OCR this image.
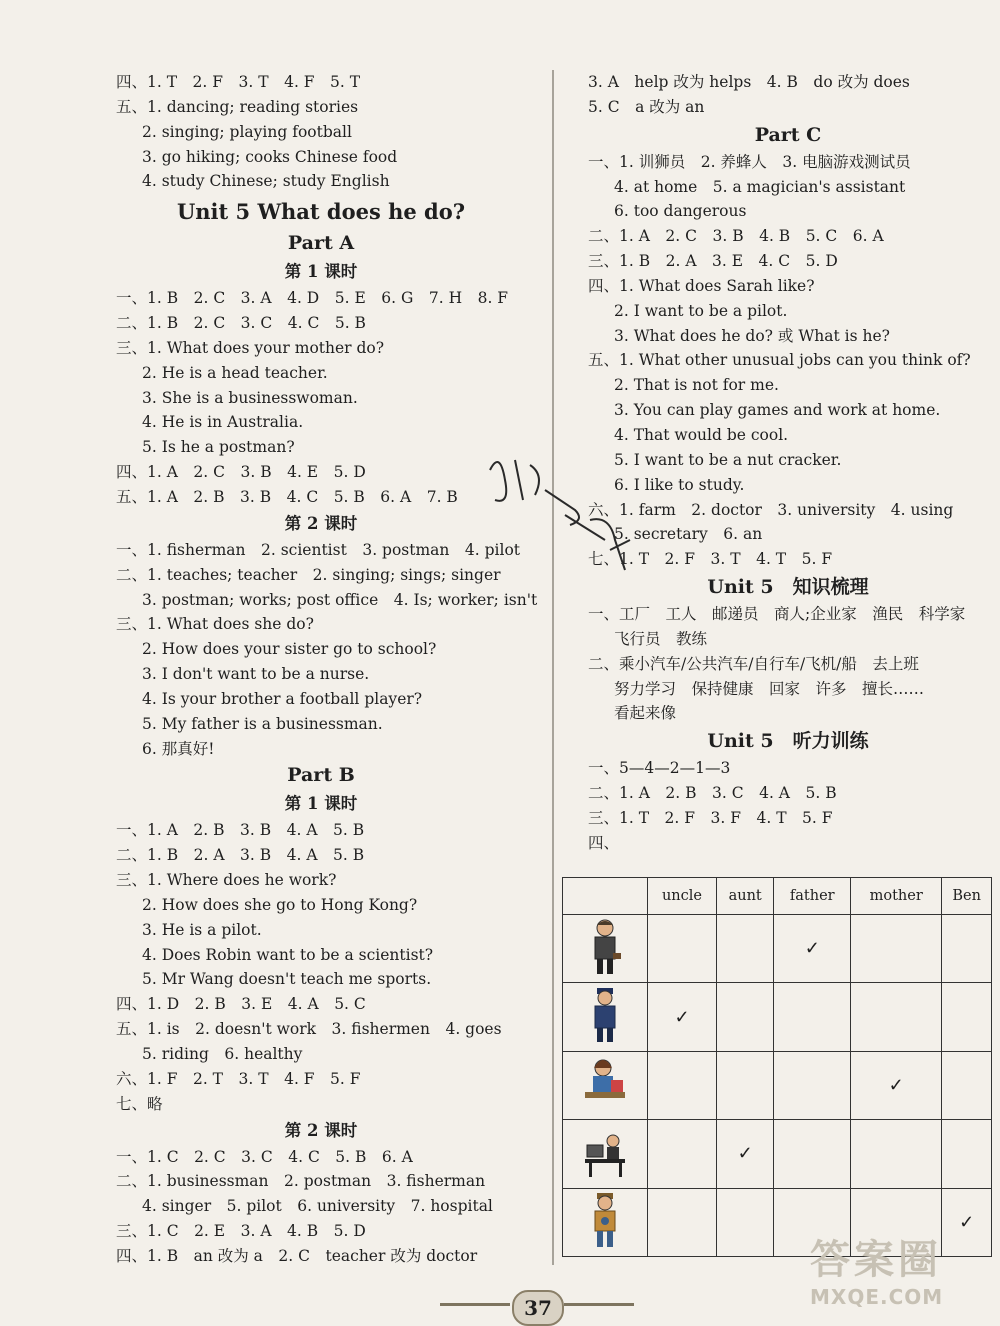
四、1. T　2. F　3. T　4. F　5. T
五、1. dancing; reading stories
2. singing; playing football
3. go hiking; cooks Chinese food
4. study Chinese; study English
Unit 5 What does he do?
Part A
第 1 课时
一、1. B　2. C　3. A　4. D　5. E　6. G　7. H　8. F
二、1. B　2. C　3. C　4. C　5. B
三、1. What does your mother do?
2. He is a head teacher.
3. She is a businesswoman.
4. He is in Australia.
5. Is he a postman?
四、1. A　2. C　3. B　4. E　5. D
五、1. A　2. B　3. B　4. C　5. B　6. A　7. B
第 2 课时
一、1. fisherman　2. scientist　3. postman　4. pilot
二、1. teaches; teacher　2. singing; sings; singer
3. postman; works; post office　4. Is; worker; isn't
三、1. What does she do?
2. How does your sister go to school?
3. I don't want to be a nurse.
4. Is your brother a football player?
5. My father is a businessman.
6. 那真好!
Part B
第 1 课时
一、1. A　2. B　3. B　4. A　5. B
二、1. B　2. A　3. B　4. A　5. B
三、1. Where does he work?
2. How does she go to Hong Kong?
3. He is a pilot.
4. Does Robin want to be a scientist?
5. Mr Wang doesn't teach me sports.
四、1. D　2. B　3. E　4. A　5. C
五、1. is　2. doesn't work　3. fishermen　4. goes
5. riding　6. healthy
六、1. F　2. T　3. T　4. F　5. F
七、略
第 2 课时
一、1. C　2. C　3. C　4. C　5. B　6. A
二、1. businessman　2. postman　3. fisherman
4. singer　5. pilot　6. university　7. hospital
三、1. C　2. E　3. A　4. B　5. D
四、1. B　an 改为 a　2. C　teacher 改为 doctor
3. A　help 改为 helps　4. B　do 改为 does
5. C　a 改为 an
Part C
一、1. 训狮员　2. 养蜂人　3. 电脑游戏测试员
4. at home　5. a magician's assistant
6. too dangerous
二、1. A　2. C　3. B　4. B　5. C　6. A
三、1. B　2. A　3. E　4. C　5. D
四、1. What does Sarah like?
2. I want to be a pilot.
3. What does he do? 或 What is he?
五、1. What other unusual jobs can you think of?
2. That is not for me.
3. You can play games and work at home.
4. That would be cool.
5. I want to be a nut cracker.
6. I like to study.
六、1. farm　2. doctor　3. university　4. using
5. secretary　6. an
七、1. T　2. F　3. T　4. T　5. F
Unit 5　知识梳理
一、工厂　工人　邮递员　商人;企业家　渔民　科学家
飞行员　教练
二、乘小汽车/公共汽车/自行车/飞机/船　去上班
努力学习　保持健康　回家　许多　擅长……
看起来像
Unit 5　听力训练
一、5—4—2—1—3
二、1. A　2. B　3. C　4. A　5. B
三、1. T　2. F　3. F　4. T　5. F
四、
	uncle	aunt	father	mother	Ben
			✓		
	✓				
				✓	
		✓			
					✓
37
答案圈
MXQE.COM
